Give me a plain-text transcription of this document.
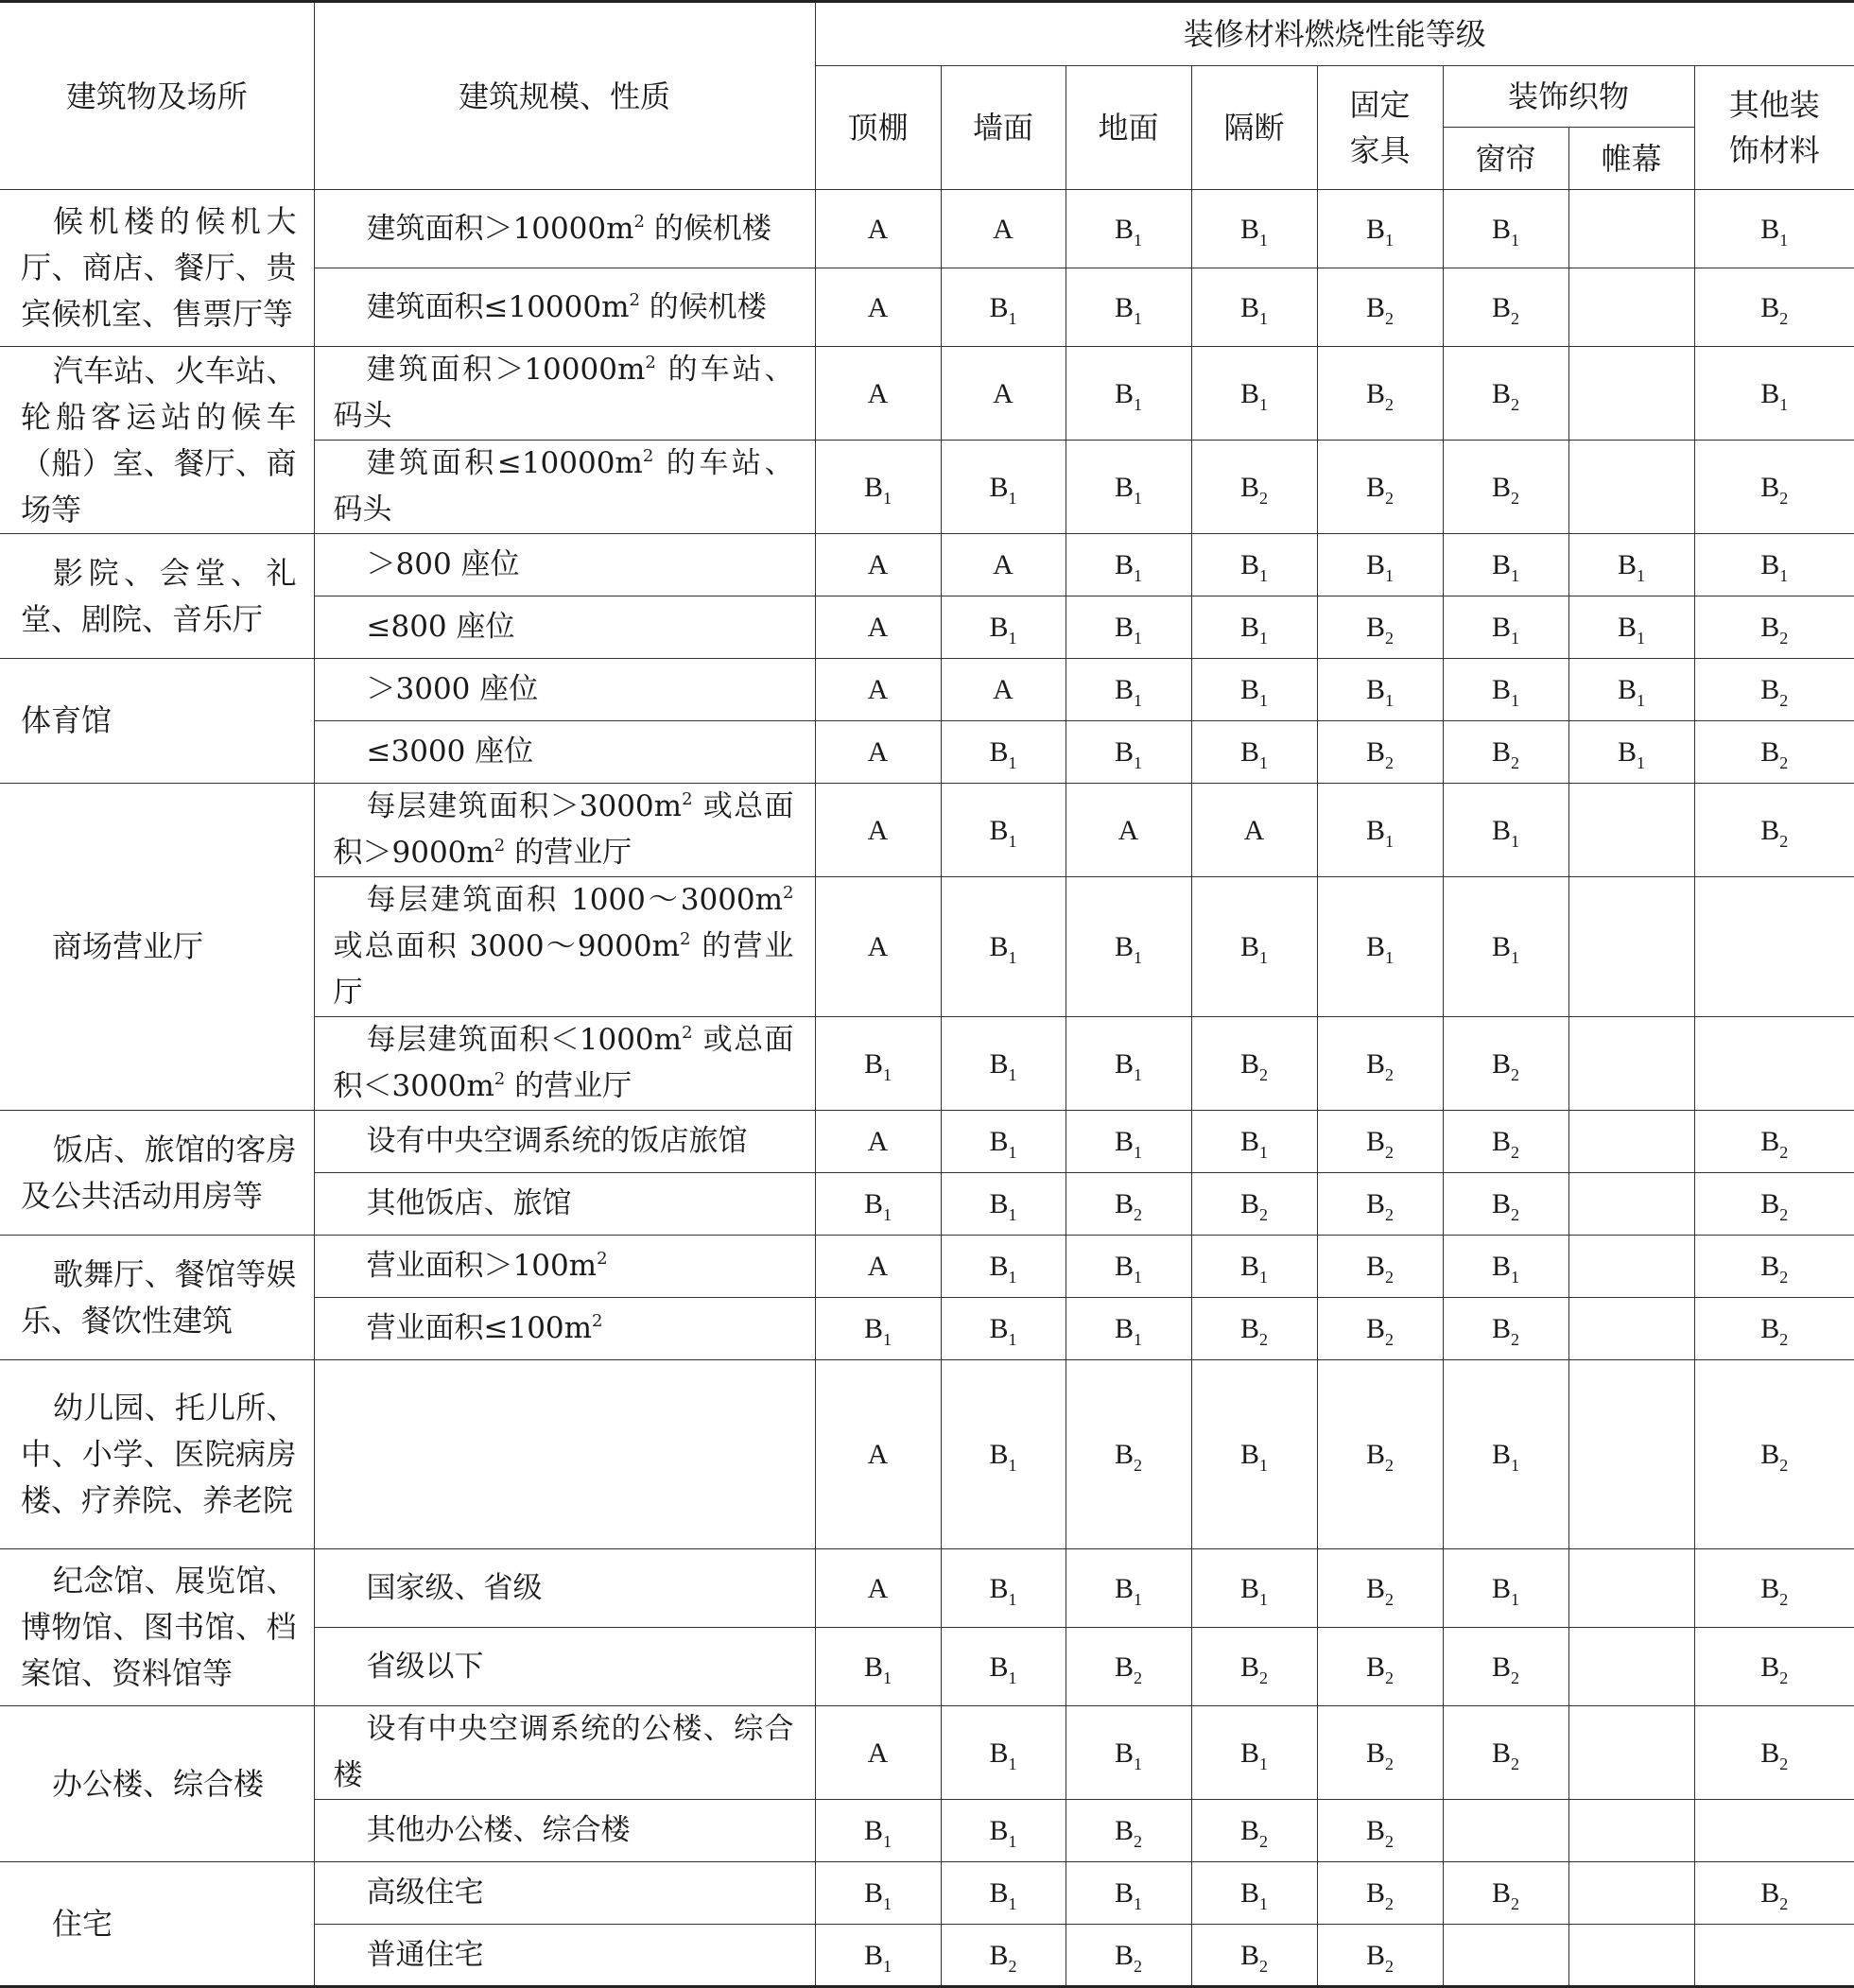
建筑物及场所	建筑规模、性质	装修材料燃烧性能等级							
		顶棚	墙面	地面	隔断	固定家具	装饰织物		其他装饰材料
							窗帘	帷幕	
候机楼的候机大厅、商店、餐厅、贵宾候机室、售票厅等	建筑面积$>10000m^2$ 的候机楼	A	A	$B_1$	$B_1$	$B_1$	$B_1$		$B_1$
	建筑面积$\le 10000m^2$ 的候机楼	A	$B_1$	$B_1$	$B_1$	$B_2$	$B_2$		$B_2$
汽车站、火车站、轮船客运站的候车（船）室、餐厅、商场等	建筑面积$>10000m^2$ 的车站、码头	A	A	$B_1$	$B_1$	$B_2$	$B_2$		$B_1$
	建筑面积$\le 10000m^2$ 的车站、码头	$B_1$	$B_1$	$B_1$	$B_2$	$B_2$	$B_2$		$B_2$
影院、会堂、礼堂、剧院、音乐厅	＞800 座位	A	A	$B_1$	$B_1$	$B_1$	$B_1$	$B_1$	$B_1$
	≤800 座位	A	$B_1$	$B_1$	$B_1$	$B_2$	$B_1$	$B_1$	$B_2$
体育馆	＞3000 座位	A	A	$B_1$	$B_1$	$B_1$	$B_1$	$B_1$	$B_2$
	≤3000 座位	A	$B_1$	$B_1$	$B_1$	$B_2$	$B_2$	$B_1$	$B_2$
商场营业厅	每层建筑面积$>3000m^2$ 或总面积$>9000m^2$ 的营业厅	A	$B_1$	A	A	$B_1$	$B_1$		$B_2$
	每层建筑面积 $1000\sim 3000m^2$ 或总面积 $3000\sim 9000m^2$ 的营业厅	A	$B_1$	$B_1$	$B_1$	$B_1$	$B_1$		
	每层建筑面积$<1000m^2$ 或总面积$<3000m^2$ 的营业厅	$B_1$	$B_1$	$B_1$	$B_2$	$B_2$	$B_2$		
饭店、旅馆的客房及公共活动用房等	设有中央空调系统的饭店旅馆	A	$B_1$	$B_1$	$B_1$	$B_2$	$B_2$		$B_2$
	其他饭店、旅馆	$B_1$	$B_1$	$B_2$	$B_2$	$B_2$	$B_2$		$B_2$
歌舞厅、餐馆等娱乐、餐饮性建筑	营业面积$>100m^2$	A	$B_1$	$B_1$	$B_1$	$B_2$	$B_1$		$B_2$
	营业面积$\le 100m^2$	$B_1$	$B_1$	$B_1$	$B_2$	$B_2$	$B_2$		$B_2$
幼儿园、托儿所、中、小学、医院病房楼、疗养院、养老院		A	$B_1$	$B_2$	$B_1$	$B_2$	$B_1$		$B_2$
纪念馆、展览馆、博物馆、图书馆、档案馆、资料馆等	国家级、省级	A	$B_1$	$B_1$	$B_1$	$B_2$	$B_1$		$B_2$
	省级以下	$B_1$	$B_1$	$B_2$	$B_2$	$B_2$	$B_2$		$B_2$
办公楼、综合楼	设有中央空调系统的公楼、综合楼	A	$B_1$	$B_1$	$B_1$	$B_2$	$B_2$		$B_2$
	其他办公楼、综合楼	$B_1$	$B_1$	$B_2$	$B_2$	$B_2$			
住宅	高级住宅	$B_1$	$B_1$	$B_1$	$B_1$	$B_2$	$B_2$		$B_2$
	普通住宅	$B_1$	$B_2$	$B_2$	$B_2$	$B_2$			
